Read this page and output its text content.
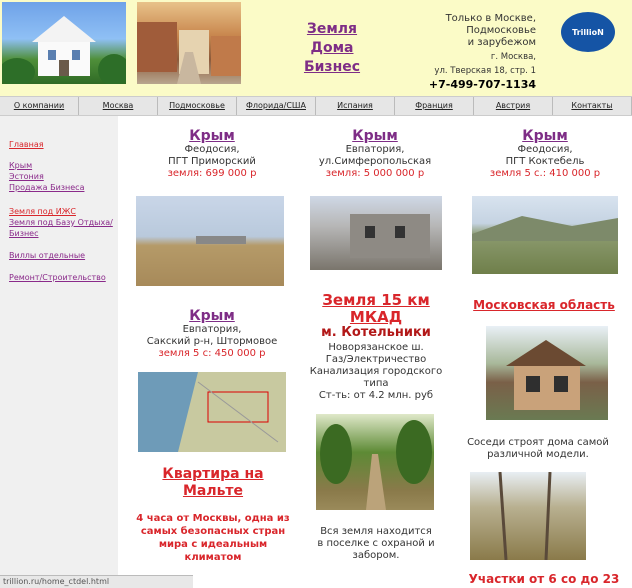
Земля
Дома
Бизнес
Только в Москве,
Подмосковье
и зарубежом
г. Москва,
ул. Тверская 18, стр. 1
+7-499-707-1134
TrillioN
О компании	Москва	Подмосковье	Флорида/США	Испания	Франция	Австрия	Контакты
Главная
Крым
Эстония
Продажа Бизнеса
Земля под ИЖС
Земля под Базу Отдыха/ Бизнес
Виллы отдельные
Ремонт/Строительство
Крым
Феодосия,
ПГТ Приморский
земля: 699 000 р
Крым
Евпатория,
ул.Симферопольская
земля: 5 000 000 р
Крым
Феодосия,
ПГТ Коктебель
земля 5 с.: 410 000 р
Крым
Евпатория,
Сакский р-н, Штормовое
земля 5 с: 450 000 р
Земля 15 км
МКАД
м. Котельники
Новорязанское ш.
Газ/Электричество
Канализация городского
типа
Ст-ть: от 4.2 млн. руб
Вся земля находится
в поселке с охраной и
забором.
Московская область
Соседи строят дома самой
различной модели.
Участки от 6 со до 23
Квартира на
Мальте
4 часа от Москвы, одна из
самых безопасных стран
мира с идеальным
климатом
trillion.ru/home_ctdel.html
